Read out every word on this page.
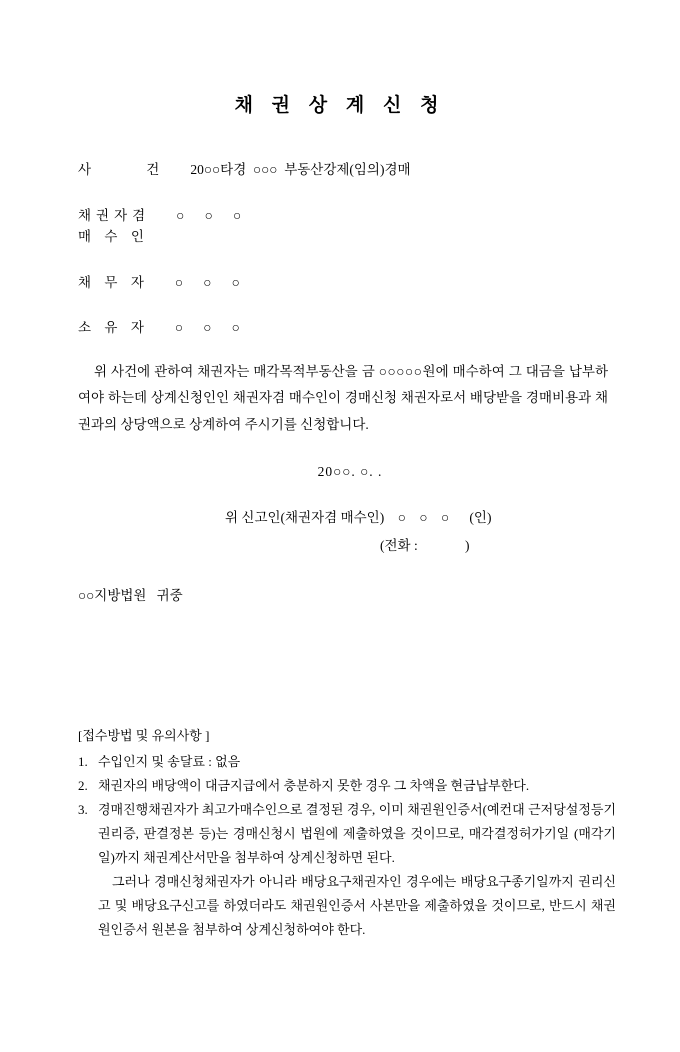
채 권 상 계 신 청
사      건	20○○타경  ○○○  부동산강제(임의)경매
채권자겸	○      ○      ○
매 수 인
채 무 자	○      ○      ○
소 유 자	○      ○      ○
위 사건에 관하여 채권자는 매각목적부동산을 금 ○○○○○원에 매수하여 그 대금을 납부하여야 하는데 상계신청인인 채권자겸 매수인이 경매신청 채권자로서 배당받을 경매비용과 채권과의 상당액으로 상계하여 주시기를 신청합니다.
20○○. ○. .
위 신고인(채권자겸 매수인)    ○    ○    ○      (인)
(전화 :              )
○○지방법원   귀중
[접수방법 및 유의사항 ]
1. 수입인지 및 송달료 : 없음
2. 채권자의 배당액이 대금지급에서 충분하지 못한 경우 그 차액을 현금납부한다.
3. 경매진행채권자가 최고가매수인으로 결정된 경우, 이미 채권원인증서(예컨대 근저당설정등기권리증, 판결정본 등)는 경매신청시 법원에 제출하였을 것이므로, 매각결정허가기일 (매각기일)까지 채권계산서만을 첨부하여 상계신청하면 된다.
그러나 경매신청채권자가 아니라 배당요구채권자인 경우에는 배당요구종기일까지 권리신고 및 배당요구신고를 하였더라도 채권원인증서 사본만을 제출하였을 것이므로, 반드시 채권원인증서 원본을 첨부하여 상계신청하여야 한다.
